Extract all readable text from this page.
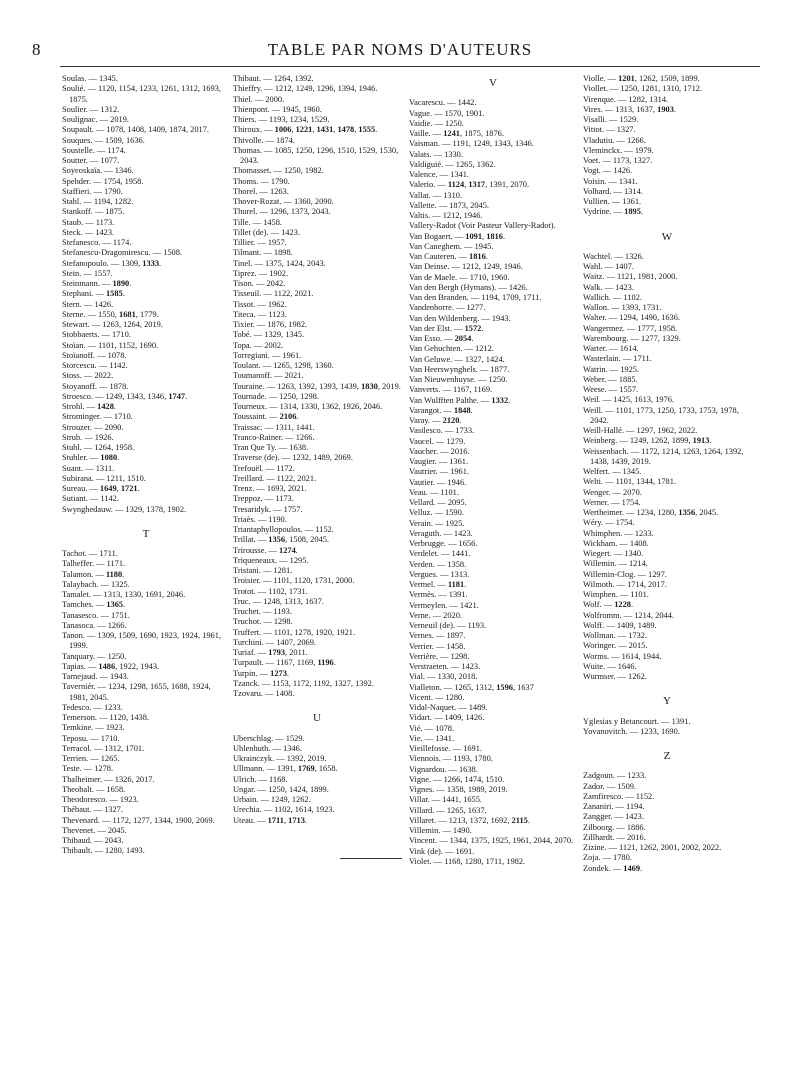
8	TABLE PAR NOMS D'AUTEURS
Soulas. — 1345.
Soulié. — 1120, 1154, 1233, 1261, 1312, 1693, 1875.
Soulier. — 1312.
Soulignac. — 2019.
Soupault. — 1078, 1408, 1409, 1874, 2017.
Souques. — 1509, 1636.
Soustelle. — 1174.
Soutter. — 1077.
Soyeoskaïa. — 1346.
Spehder. — 1754, 1958.
Staffieri. — 1790.
Stahl. — 1194, 1282.
Stankoff. — 1875.
Staub. — 1173.
Steck. — 1423.
Stefanesco. — 1174.
Stefanescu-Dragomirescu. — 1508.
Stefanopoulo. — 1309, 1333.
Stein. — 1557.
Steinmann. — 1890.
Stephani. — 1585.
Stern. — 1426.
Sterne. — 1550, 1681, 1779.
Stewart. — 1263, 1264, 2019.
Stobbaerts. — 1710.
Stoïan. — 1101, 1152, 1690.
Stoïanoff. — 1078.
Storcescu. — 1142.
Stoss. — 2022.
Stoyanoff. — 1878.
Stroesco. — 1249, 1343, 1346, 1747.
Strohl. — 1428.
Strominger. — 1710.
Strouzer. — 2090.
Strub. — 1926.
Stuhl. — 1264, 1958.
Stuhler. — 1080.
Suant. — 1311.
Subirana. — 1211, 1510.
Sureau. — 1649, 1721.
Sutiant. — 1142.
Swynghedauw. — 1329, 1378, 1902.
T
Tachot. — 1711.
Talheffer. — 1171.
Talamon. — 1180.
Talaybach. — 1325.
Tamalet. — 1313, 1330, 1691, 2046.
Tamches. — 1365.
Tanasesco. — 1751.
Tanasoca. — 1266.
Tanon. — 1309, 1509, 1690, 1923, 1924, 1961, 1999.
Tanquary. — 1250.
Tapias. — 1486, 1922, 1943.
Tarnejaud. — 1943.
Taverniér. — 1234, 1298, 1655, 1688, 1924, 1981, 2045.
Tedesco. — 1233.
Temerson. — 1120, 1438.
Temkine. — 1923.
Teposu. — 1710.
Terracol. — 1312, 1701.
Terrien. — 1265.
Teste. — 1278.
Thalheimer. — 1326, 2017.
Theobalt. — 1658.
Theodoresco. — 1923.
Thébaut. — 1327.
Thevenard. — 1172, 1277, 1344, 1900, 2069.
Thevenet. — 2045.
Thibaud. — 2043.
Thibault. — 1280, 1493.
Thibaut. — 1264, 1392.
Thieffry. — 1212, 1249, 1296, 1394, 1946.
Thiel. — 2000.
Thienpont. — 1945, 1960.
Thiers. — 1193, 1234, 1529.
Thiroux. — 1006, 1221, 1431, 1478, 1555.
Thivolle. — 1874.
Thomas. — 1085, 1250, 1296, 1510, 1529, 1530, 2043.
Thomasset. — 1250, 1982.
Thoms. — 1790.
Thorel. — 1263.
Thover-Rozat. — 1360, 2090.
Thurel. — 1296, 1373, 2043.
Tille. — 1458.
Tillet (de). — 1423.
Tillier. — 1957.
Tilmant. — 1898.
Tinel. — 1375, 1424, 2043.
Tiprez. — 1902.
Tison. — 2042.
Tisseuil. — 1122, 2021.
Tissot. — 1962.
Titeca. — 1123.
Tixier. — 1876, 1982.
Tobé. — 1329, 1345.
Topa. — 2002.
Torregiani. — 1961.
Toulant. — 1265, 1298, 1360.
Toumanoff. — 2021.
Touraine. — 1263, 1392, 1393, 1439, 1830, 2019.
Tournade. — 1250, 1298.
Tourneux. — 1314, 1330, 1362, 1926, 2046.
Toussaint. — 2106.
Traissac. — 1311, 1441.
Tranco-Rainer. — 1266.
Tran Que Ty. — 1638.
Traverse (de). — 1232, 1489, 2069.
Trefouël. — 1172.
Treillard. — 1122, 2021.
Trenz. — 1693, 2021.
Treppoz. — 1173.
Tresaridyk. — 1757.
Triaès. — 1190.
Triantaphyllopoulos. — 1152.
Trillat. — 1356, 1508, 2045.
Trirousse. — 1274.
Triqueneaux. — 1295.
Tristani. — 1281.
Troisier. — 1101, 1120, 1731, 2000.
Trotot. — 1102, 1731.
Truc. — 1248, 1313, 1637.
Truchet. — 1193.
Truchot. — 1298.
Truffert. — 1101, 1278, 1920, 1921.
Turchini. — 1407, 2069.
Turiaf. — 1793, 2011.
Turpault. — 1167, 1169, 1196.
Turpin. — 1273.
Tzanck. — 1153, 1172, 1192, 1327, 1392.
Tzovaru. — 1408.
U
Uberschlag. — 1529.
Uhlenhuth. — 1346.
Ukrainczyk. — 1392, 2019.
Ullmann. — 1391, 1769, 1658.
Ulrich. — 1168.
Ungar. — 1250, 1424, 1899.
Urbain. — 1249, 1262.
Urechia. — 1102, 1614, 1923.
Uteau. — 1711, 1713.
V
Vacarescu. — 1442.
Vague. — 1570, 1901.
Vaidie. — 1250.
Vaille. — 1241, 1875, 1876.
Vaisman. — 1191, 1249, 1343, 1346.
Valats. — 1330.
Valdiguié. — 1265, 1362.
Valence. — 1341.
Valerio. — 1124, 1317, 1391, 2070.
Vallat. — 1310.
Vallette. — 1873, 2045.
Valtis. — 1212, 1946.
Vallery-Radot (Voir Pasteur Vallery-Radot).
Van Bogaert. — 1091, 1816.
Van Caneghem. — 1945.
Van Cauteren. — 1816.
Van Deinse. — 1212, 1249, 1946.
Van de Maele. — 1710, 1960.
Van den Bergh (Hymans). — 1426.
Van den Branden. — 1194, 1709, 1711.
Vandenborre. — 1277.
Van den Wildenberg. — 1943.
Van der Elst. — 1572.
Van Esso. — 2054.
Van Gehuchten. — 1212.
Van Geluwe. — 1327, 1424.
Van Heerswynghels. — 1877.
Van Nieuwenhuyse. — 1250.
Vanverts. — 1167, 1169.
Van Wulfften Palthe. — 1332.
Varangot. — 1848.
Varay. — 2120.
Vasilesco. — 1733.
Vaucel. — 1279.
Vaucher. — 2016.
Vaugier. — 1361.
Vautrier. — 1961.
Vautier. — 1946.
Veau. — 1101.
Vellard. — 2095.
Velluz. — 1590.
Verain. — 1925.
Veraguth. — 1423.
Verbrugge. — 1656.
Verdelet. — 1441.
Verden. — 1358.
Vergues. — 1313.
Vermel. — 1181.
Vermès. — 1391.
Vermeylen. — 1421.
Verne. — 2020.
Verneuil (de). — 1193.
Vernes. — 1897.
Verrier. — 1458.
Verrière. — 1298.
Verstraeten. — 1423.
Vial. — 1330, 2018.
Vialleton. — 1265, 1312, 1596, 1637
Vicent. — 1280.
Vidal-Naquet. — 1489.
Vidart. — 1409, 1426.
Vié. — 1078.
Vie. — 1341.
Vieillefosse. — 1691.
Viennois. — 1193, 1780.
Vignardou. — 1638.
Vigne. — 1266, 1474, 1510.
Vignes. — 1358, 1989, 2019.
Villar. — 1441, 1655.
Villard. — 1265, 1637.
Villaret. — 1213, 1372, 1692, 2115.
Villemin. — 1490.
Vincent. — 1344, 1375, 1925, 1961, 2044, 2070.
Vink (de). — 1691.
Violet. — 1168, 1280, 1711, 1982.
Violle. — 1201, 1262, 1509, 1899.
Viollet. — 1250, 1281, 1310, 1712.
Virenque. — 1282, 1314.
Vires. — 1313, 1637, 1903.
Visalli. — 1529.
Vittot. — 1327.
Vladutiu. — 1266.
Vleminckx. — 1979.
Voet. — 1173, 1327.
Vogt. — 1426.
Voisin. — 1341.
Volhard. — 1314.
Vullien. — 1361.
Vydrine. — 1895.
W
Wachtel. — 1326.
Wahl. — 1407.
Waitz. — 1121, 1981, 2000.
Walk. — 1423.
Wallich. — 1102.
Wallon. — 1393, 1731.
Walter. — 1294, 1490, 1636.
Wangermez. — 1777, 1958.
Warembourg. — 1277, 1329.
Warter. — 1614.
Wasterlain. — 1711.
Watrin. — 1925.
Weber. — 1885.
Weese. — 1557.
Weil. — 1425, 1613, 1976.
Weill. — 1101, 1773, 1250, 1733, 1753, 1978, 2042.
Weill-Hallé. — 1297, 1962, 2022.
Weinberg. — 1249, 1262, 1899, 1913.
Weissenbach. — 1172, 1214, 1263, 1264, 1392, 1438, 1439, 2019.
Welfert. — 1345.
Welti. — 1101, 1344, 1781.
Wenger. — 2070.
Werner. — 1754.
Wertheimer. — 1234, 1280, 1356, 2045.
Wéry. — 1754.
Whimphen. — 1233.
Wickham. — 1408.
Wiegert. — 1340.
Willemin. — 1214.
Willemin-Clog. — 1297.
Wilmoth. — 1714, 2017.
Wimphen. — 1101.
Wolf. — 1228.
Wolfromm. — 1214, 2044.
Wolff. — 1409, 1489.
Wollman. — 1732.
Woringer. — 2015.
Worms. — 1614, 1944.
Wuite. — 1646.
Wurmser. — 1262.
Y
Yglesias y Betancourt. — 1391.
Yovanovitch. — 1233, 1690.
Z
Zadgoun. — 1233.
Zador. — 1509.
Zamfiresco. — 1152.
Zananiri. — 1194.
Zangger. — 1423.
Zilboorg. — 1886.
Zillhardt. — 2016.
Zizine. — 1121, 1262, 2001, 2002, 2022.
Zoja. — 1780.
Zondek. — 1469.
